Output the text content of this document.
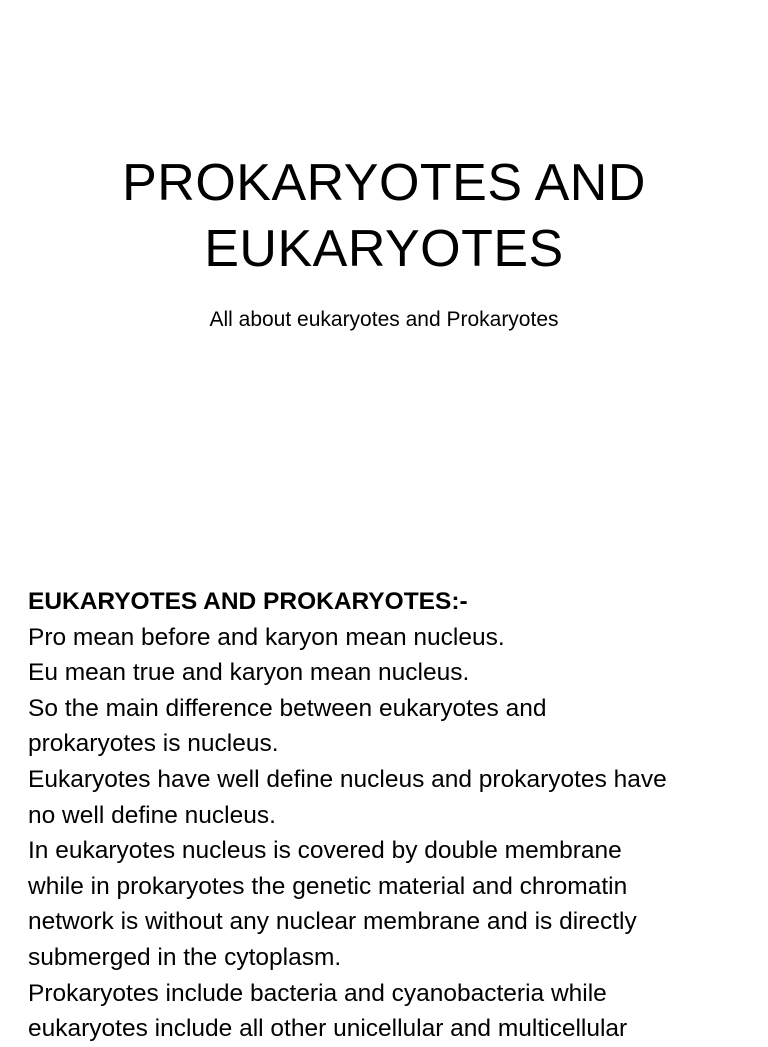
PROKARYOTES AND
EUKARYOTES
All about eukaryotes and Prokaryotes
EUKARYOTES AND PROKARYOTES:-
Pro mean before and karyon mean nucleus.
Eu mean true and karyon mean nucleus.
So the main difference between eukaryotes and
prokaryotes is nucleus.
Eukaryotes have well define nucleus and prokaryotes have
no well define nucleus.
In eukaryotes nucleus is covered by double membrane
while in prokaryotes the genetic material and chromatin
network is without any nuclear membrane and is directly
submerged in the cytoplasm.
Prokaryotes include bacteria and cyanobacteria while
eukaryotes include all other unicellular and multicellular
